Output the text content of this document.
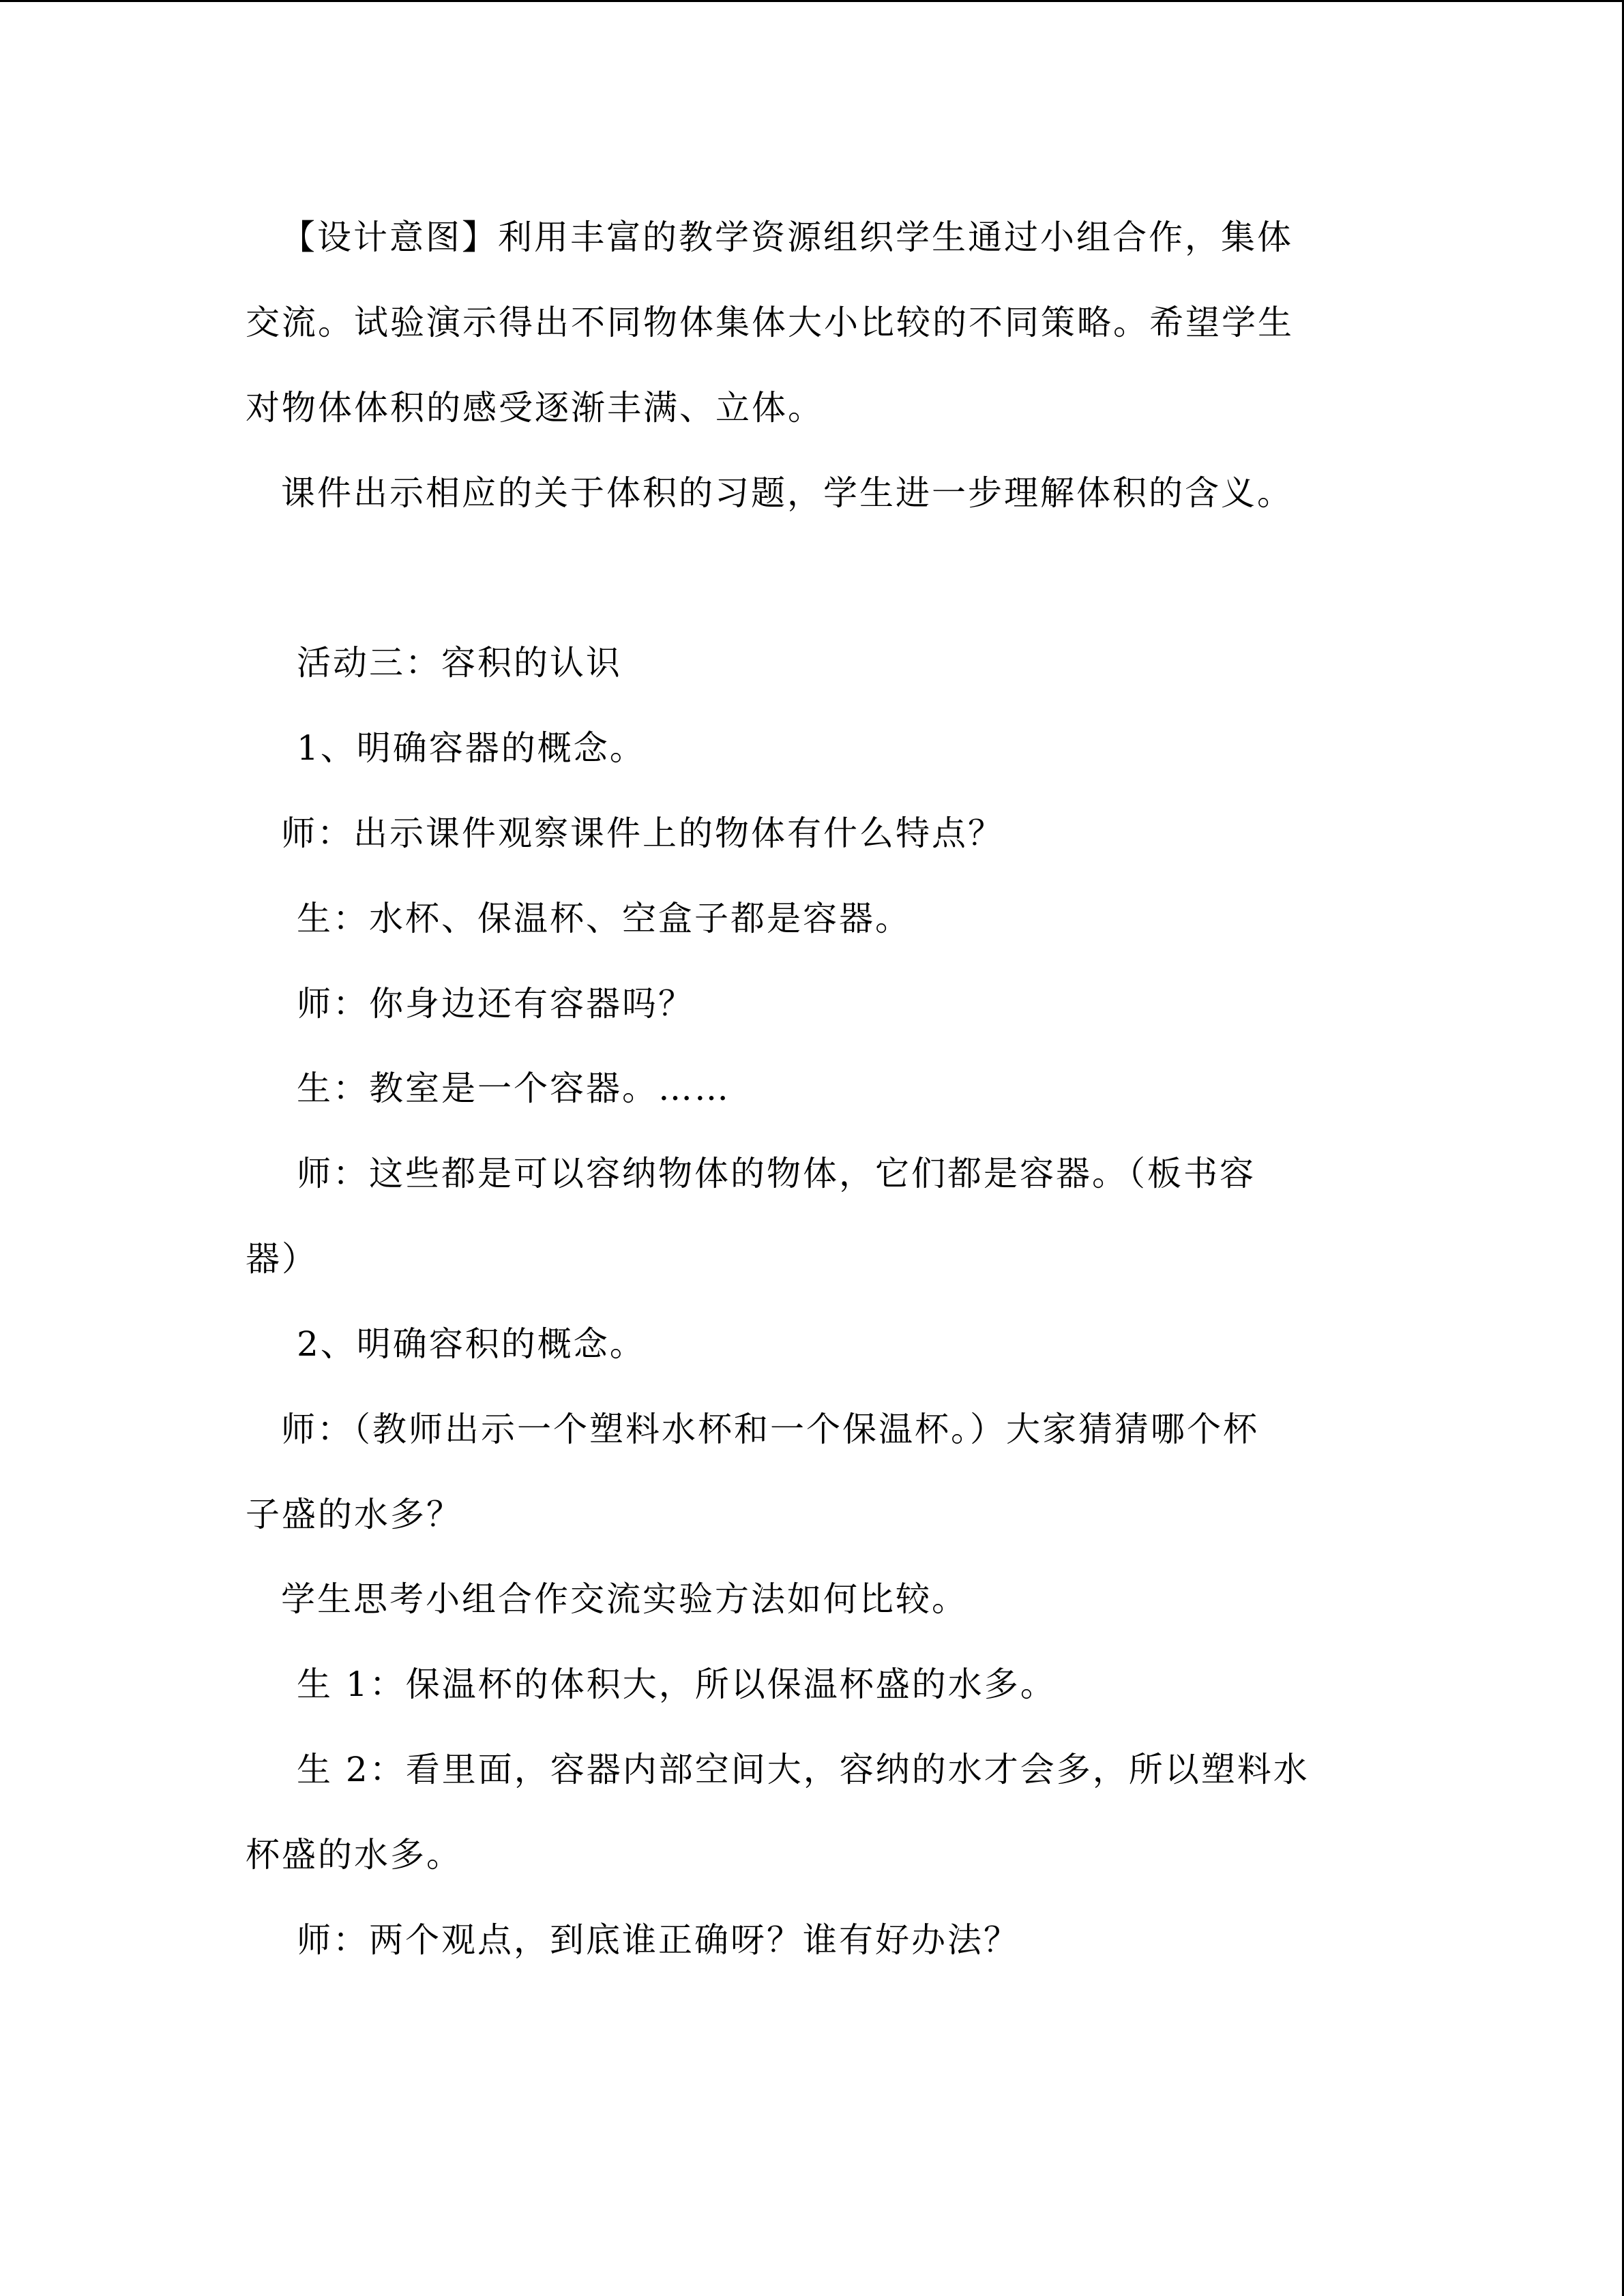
【设计意图】利用丰富的教学资源组织学生通过小组合作，集体
交流。试验演示得出不同物体集体大小比较的不同策略。希望学生
对物体体积的感受逐渐丰满、立体。
课件出示相应的关于体积的习题，学生进一步理解体积的含义。
活动三：容积的认识
1、明确容器的概念。
师：出示课件观察课件上的物体有什么特点？
生：水杯、保温杯、空盒子都是容器。
师：你身边还有容器吗？
生：教室是一个容器。……
师：这些都是可以容纳物体的物体，它们都是容器。（板书容
器）
2、明确容积的概念。
师：（教师出示一个塑料水杯和一个保温杯。）大家猜猜哪个杯
子盛的水多？
学生思考小组合作交流实验方法如何比较。
生 1：保温杯的体积大，所以保温杯盛的水多。
生 2：看里面，容器内部空间大，容纳的水才会多，所以塑料水
杯盛的水多。
师：两个观点，到底谁正确呀？谁有好办法？
